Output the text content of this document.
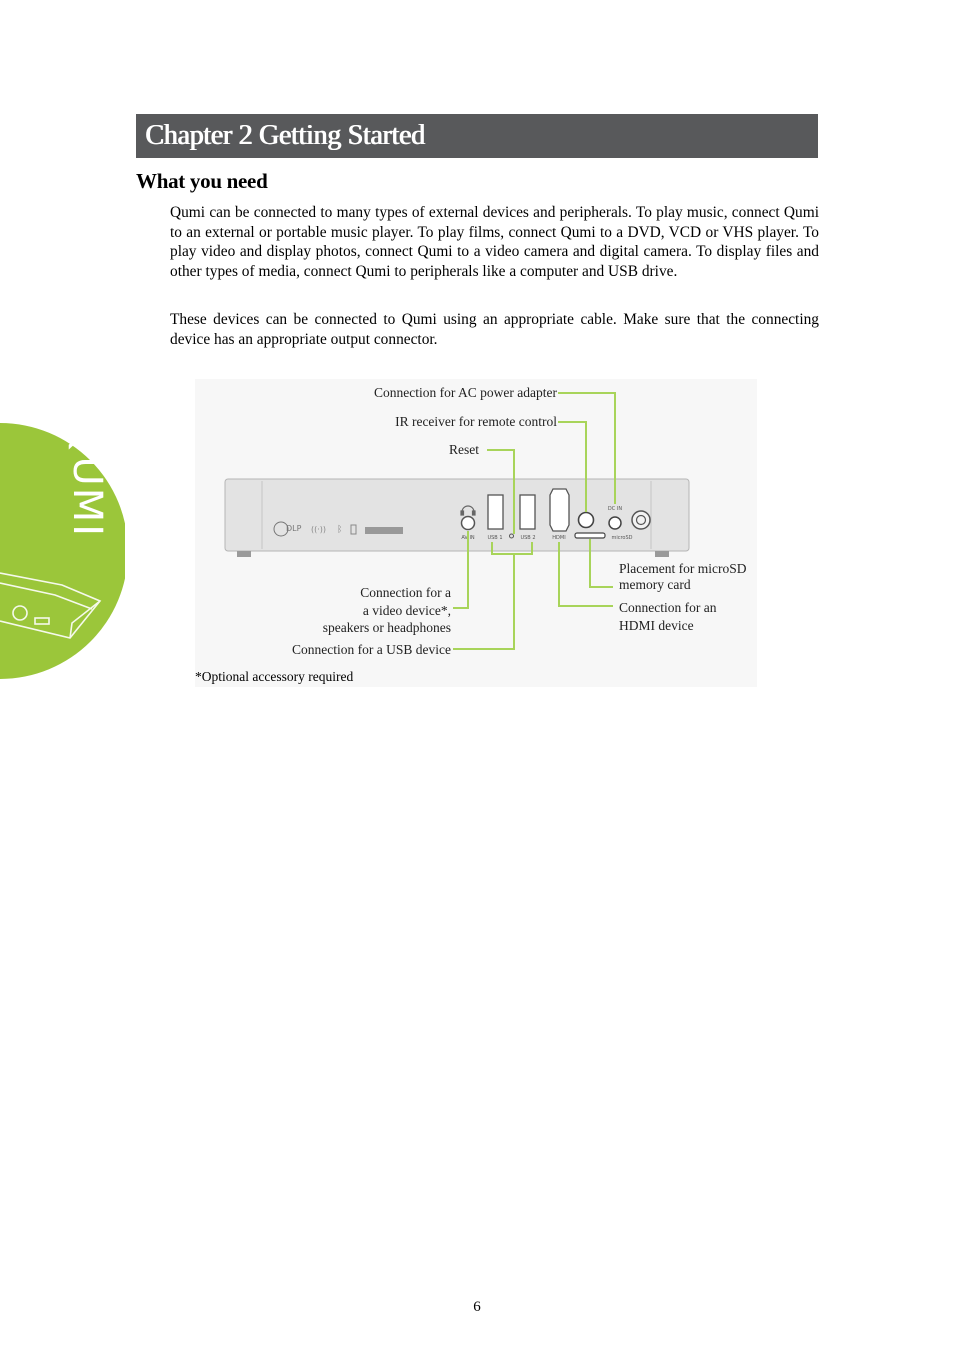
QUMI
Chapter 2 Getting Started
What you need

Qumi can be connected to many types of external devices and peripherals. To play music, connect Qumi to an external or portable music player. To play films, connect Qumi to a DVD, VCD or VHS player. To play video and display photos, connect Qumi to a video camera and digital camera. To display files and other types of media, connect Qumi to peripherals like a computer and USB drive.

These devices can be connected to Qumi using an appropriate cable. Make sure that the connecting device has an appropriate output connector.

DLP ((·)) ᛒ
AV IN	USB 1	USB 2	HDMI
DC IN
microSD
Connection for AC power adapter
IR receiver for remote control
Reset
Placement for microSD
memory card
Connection for an
HDMI device
Connection for a
a video device*,
speakers or headphones
Connection for a USB device
*Optional accessory required
6
